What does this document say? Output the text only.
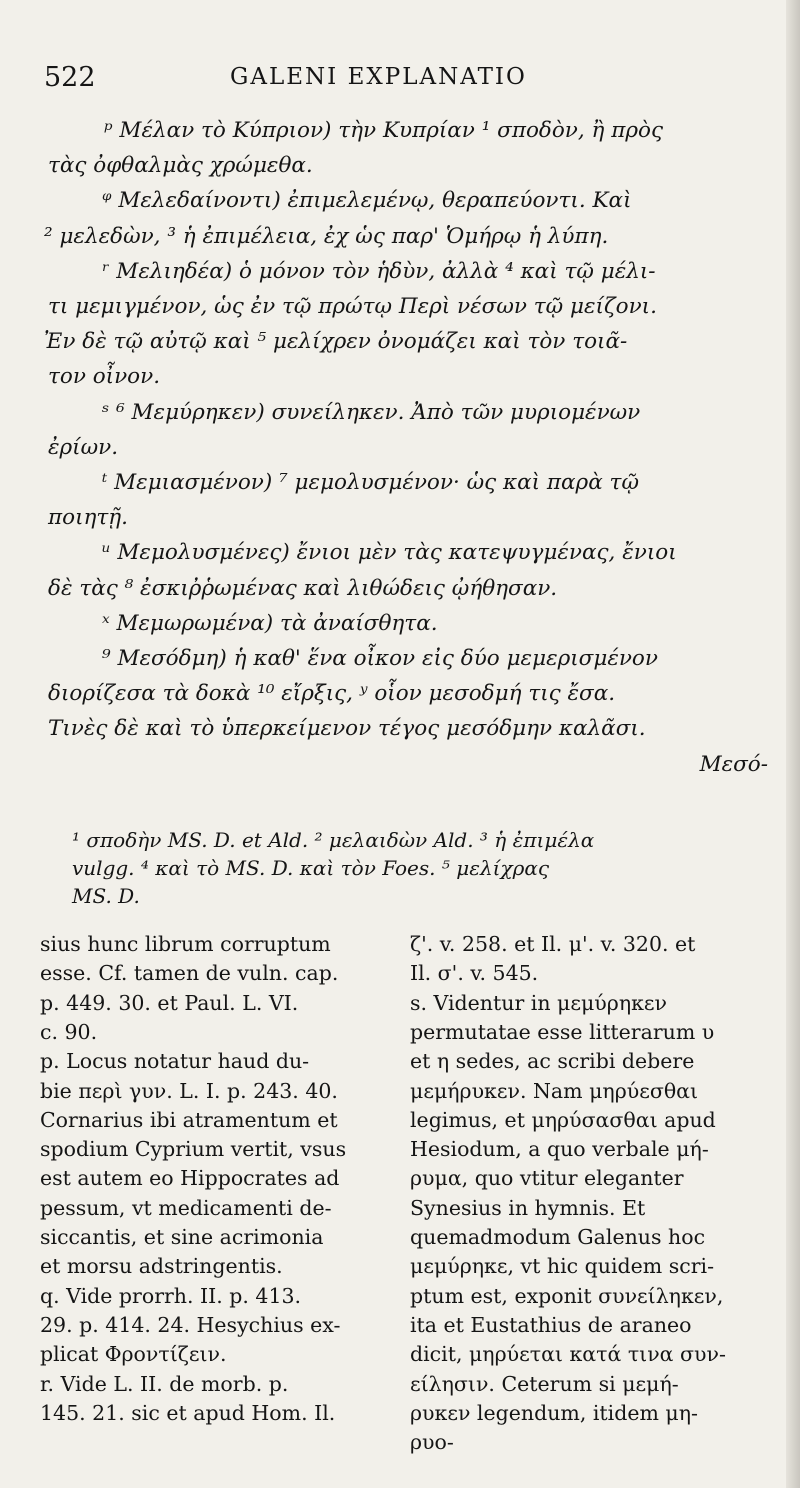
522	GALENI EXPLANATIO
ᵖ Μέλαν τὸ Κύπριον) τὴν Κυπρίαν ¹ σποδὸν, ἢ πρὸς
τὰς ὀφθαλμὰς χρώμεθα.
ᵠ Μελεδαίνοντι) ἐπιμελεμένῳ, θεραπεύοντι. Καὶ
² μελεδὼν, ³ ἡ ἐπιμέλεια, ἐχ ὡς παρ' Ὁμήρῳ ἡ λύπη.
ʳ Μελιηδέα) ὁ μόνον τὸν ἡδὺν, ἀλλὰ ⁴ καὶ τῷ μέλι-
τι μεμιγμένον, ὡς ἐν τῷ πρώτῳ Περὶ νέσων τῷ μείζονι.
Ἐν δὲ τῷ αὐτῷ καὶ ⁵ μελίχρεν ὀνομάζει καὶ τὸν τοιᾶ-
τον οἶνον.
ˢ ⁶ Μεμύρηκεν) συνείληκεν. Ἀπὸ τῶν μυριομένων
ἐρίων.
ᵗ Μεμιασμένον) ⁷ μεμολυσμένον· ὡς καὶ παρὰ τῷ
ποιητῇ.
ᵘ Μεμολυσμένες) ἔνιοι μὲν τὰς κατεψυγμένας, ἔνιοι
δὲ τὰς ⁸ ἐσκιῤῥωμένας καὶ λιθώδεις ᾠήθησαν.
ˣ Μεμωρωμένα) τὰ ἀναίσθητα.
⁹ Μεσόδμη) ἡ καθ' ἕνα οἶκον εἰς δύο μεμερισμένον
διορίζεσα τὰ δοκὰ ¹⁰ εἴρξις, ʸ οἷον μεσοδμή τις ἔσα.
Τινὲς δὲ καὶ τὸ ὑπερκείμενον τέγος μεσόδμην καλᾶσι.
Μεσό-
¹ σποδὴν MS. D. et Ald. ² μελαιδὼν Ald. ³ ἡ ἐπιμέλα
vulgg. ⁴ καὶ τὸ MS. D. καὶ τὸν Foes. ⁵ μελίχρας
MS. D.
sius hunc librum corruptum
esse. Cf. tamen de vuln. cap.
p. 449. 30. et Paul. L. VI.
c. 90.
p. Locus notatur haud du-
bie περὶ γυν. L. I. p. 243. 40.
Cornarius ibi atramentum et
spodium Cyprium vertit, vsus
est autem eo Hippocrates ad
pessum, vt medicamenti de-
siccantis, et sine acrimonia
et morsu adstringentis.
q. Vide prorrh. II. p. 413.
29. p. 414. 24. Hesychius ex-
plicat Φροντίζειν.
r. Vide L. II. de morb. p.
145. 21. sic et apud Hom. Il.
ζ'. v. 258. et Il. μ'. v. 320. et
Il. σ'. v. 545.
s. Videntur in μεμύρηκεν
permutatae esse litterarum υ
et η sedes, ac scribi debere
μεμήρυκεν. Nam μηρύεσθαι
legimus, et μηρύσασθαι apud
Hesiodum, a quo verbale μή-
ρυμα, quo vtitur eleganter
Synesius in hymnis. Et
quemadmodum Galenus hoc
μεμύρηκε, vt hic quidem scri-
ptum est, exponit συνείληκεν,
ita et Eustathius de araneo
dicit, μηρύεται κατά τινα συν-
είλησιν. Ceterum si μεμή-
ρυκεν legendum, itidem μη-
ρυο-
